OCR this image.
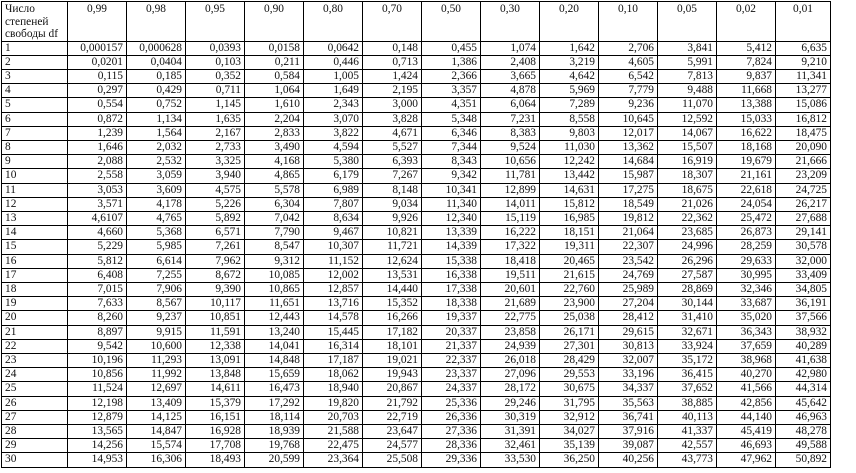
Число степеней свободы df	0,99	0,98	0,95	0,90	0,80	0,70	0,50	0,30	0,20	0,10	0,05	0,02	0,01
1	0,000157	0,000628	0,0393	0,0158	0,0642	0,148	0,455	1,074	1,642	2,706	3,841	5,412	6,635
2	0,0201	0,0404	0,103	0,211	0,446	0,713	1,386	2,408	3,219	4,605	5,991	7,824	9,210
3	0,115	0,185	0,352	0,584	1,005	1,424	2,366	3,665	4,642	6,542	7,813	9,837	11,341
4	0,297	0,429	0,711	1,064	1,649	2,195	3,357	4,878	5,969	7,779	9,488	11,668	13,277
5	0,554	0,752	1,145	1,610	2,343	3,000	4,351	6,064	7,289	9,236	11,070	13,388	15,086
6	0,872	1,134	1,635	2,204	3,070	3,828	5,348	7,231	8,558	10,645	12,592	15,033	16,812
7	1,239	1,564	2,167	2,833	3,822	4,671	6,346	8,383	9,803	12,017	14,067	16,622	18,475
8	1,646	2,032	2,733	3,490	4,594	5,527	7,344	9,524	11,030	13,362	15,507	18,168	20,090
9	2,088	2,532	3,325	4,168	5,380	6,393	8,343	10,656	12,242	14,684	16,919	19,679	21,666
10	2,558	3,059	3,940	4,865	6,179	7,267	9,342	11,781	13,442	15,987	18,307	21,161	23,209
11	3,053	3,609	4,575	5,578	6,989	8,148	10,341	12,899	14,631	17,275	18,675	22,618	24,725
12	3,571	4,178	5,226	6,304	7,807	9,034	11,340	14,011	15,812	18,549	21,026	24,054	26,217
13	4,6107	4,765	5,892	7,042	8,634	9,926	12,340	15,119	16,985	19,812	22,362	25,472	27,688
14	4,660	5,368	6,571	7,790	9,467	10,821	13,339	16,222	18,151	21,064	23,685	26,873	29,141
15	5,229	5,985	7,261	8,547	10,307	11,721	14,339	17,322	19,311	22,307	24,996	28,259	30,578
16	5,812	6,614	7,962	9,312	11,152	12,624	15,338	18,418	20,465	23,542	26,296	29,633	32,000
17	6,408	7,255	8,672	10,085	12,002	13,531	16,338	19,511	21,615	24,769	27,587	30,995	33,409
18	7,015	7,906	9,390	10,865	12,857	14,440	17,338	20,601	22,760	25,989	28,869	32,346	34,805
19	7,633	8,567	10,117	11,651	13,716	15,352	18,338	21,689	23,900	27,204	30,144	33,687	36,191
20	8,260	9,237	10,851	12,443	14,578	16,266	19,337	22,775	25,038	28,412	31,410	35,020	37,566
21	8,897	9,915	11,591	13,240	15,445	17,182	20,337	23,858	26,171	29,615	32,671	36,343	38,932
22	9,542	10,600	12,338	14,041	16,314	18,101	21,337	24,939	27,301	30,813	33,924	37,659	40,289
23	10,196	11,293	13,091	14,848	17,187	19,021	22,337	26,018	28,429	32,007	35,172	38,968	41,638
24	10,856	11,992	13,848	15,659	18,062	19,943	23,337	27,096	29,553	33,196	36,415	40,270	42,980
25	11,524	12,697	14,611	16,473	18,940	20,867	24,337	28,172	30,675	34,337	37,652	41,566	44,314
26	12,198	13,409	15,379	17,292	19,820	21,792	25,336	29,246	31,795	35,563	38,885	42,856	45,642
27	12,879	14,125	16,151	18,114	20,703	22,719	26,336	30,319	32,912	36,741	40,113	44,140	46,963
28	13,565	14,847	16,928	18,939	21,588	23,647	27,336	31,391	34,027	37,916	41,337	45,419	48,278
29	14,256	15,574	17,708	19,768	22,475	24,577	28,336	32,461	35,139	39,087	42,557	46,693	49,588
30	14,953	16,306	18,493	20,599	23,364	25,508	29,336	33,530	36,250	40,256	43,773	47,962	50,892
